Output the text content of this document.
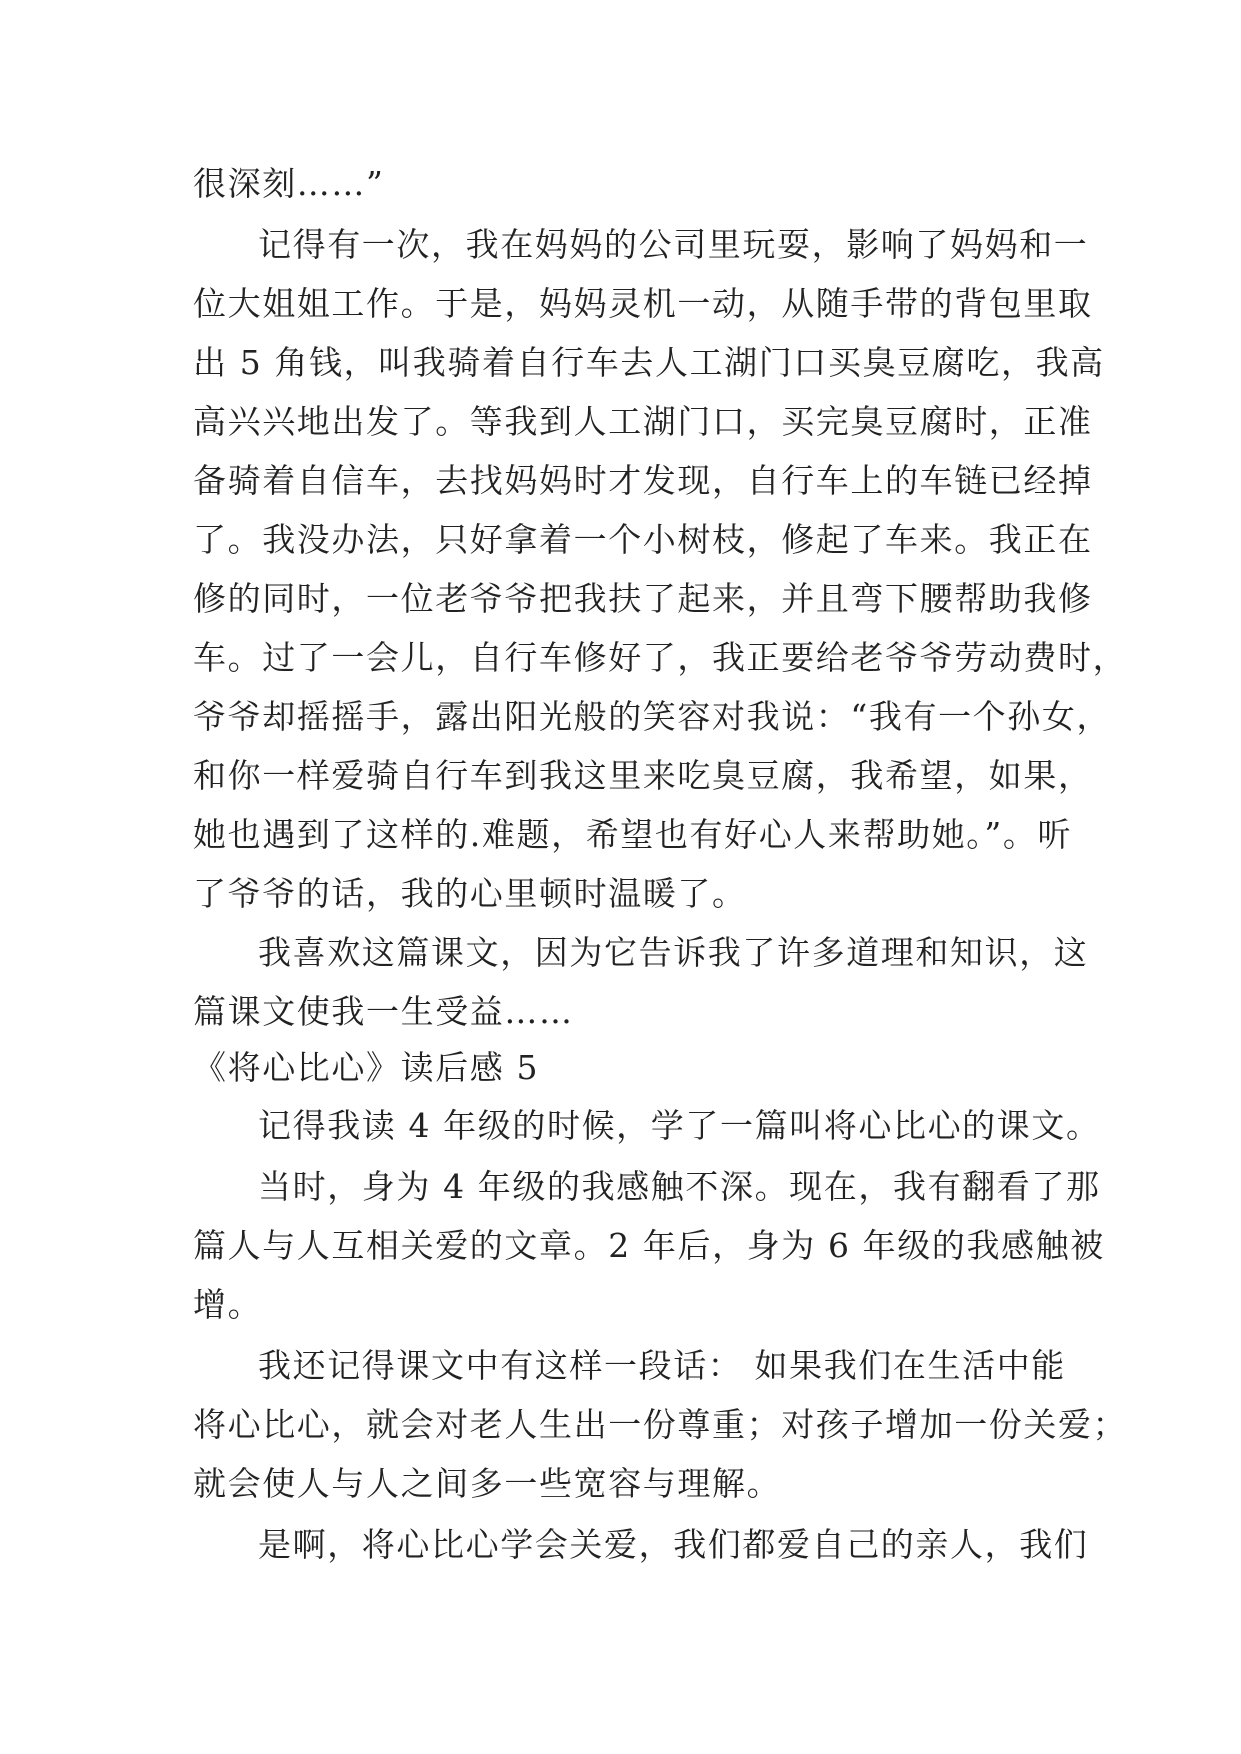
很深刻……”
记得有一次，我在妈妈的公司里玩耍，影响了妈妈和一
位大姐姐工作。于是，妈妈灵机一动，从随手带的背包里取
出 5 角钱，叫我骑着自行车去人工湖门口买臭豆腐吃，我高
高兴兴地出发了。等我到人工湖门口，买完臭豆腐时，正准
备骑着自信车，去找妈妈时才发现，自行车上的车链已经掉
了。我没办法，只好拿着一个小树枝，修起了车来。我正在
修的同时，一位老爷爷把我扶了起来，并且弯下腰帮助我修
车。过了一会儿，自行车修好了，我正要给老爷爷劳动费时，
爷爷却摇摇手，露出阳光般的笑容对我说：“我有一个孙女，
和你一样爱骑自行车到我这里来吃臭豆腐，我希望，如果，
她也遇到了这样的.难题，希望也有好心人来帮助她。”。听
了爷爷的话，我的心里顿时温暖了。
我喜欢这篇课文，因为它告诉我了许多道理和知识，这
篇课文使我一生受益……
《将心比心》读后感 5
记得我读 4 年级的时候，学了一篇叫将心比心的课文。
当时，身为 4 年级的我感触不深。现在，我有翻看了那
篇人与人互相关爱的文章。2 年后，身为 6 年级的我感触被
增。
我还记得课文中有这样一段话： 如果我们在生活中能
将心比心，就会对老人生出一份尊重；对孩子增加一份关爱；
就会使人与人之间多一些宽容与理解。
是啊，将心比心学会关爱，我们都爱自己的亲人，我们
